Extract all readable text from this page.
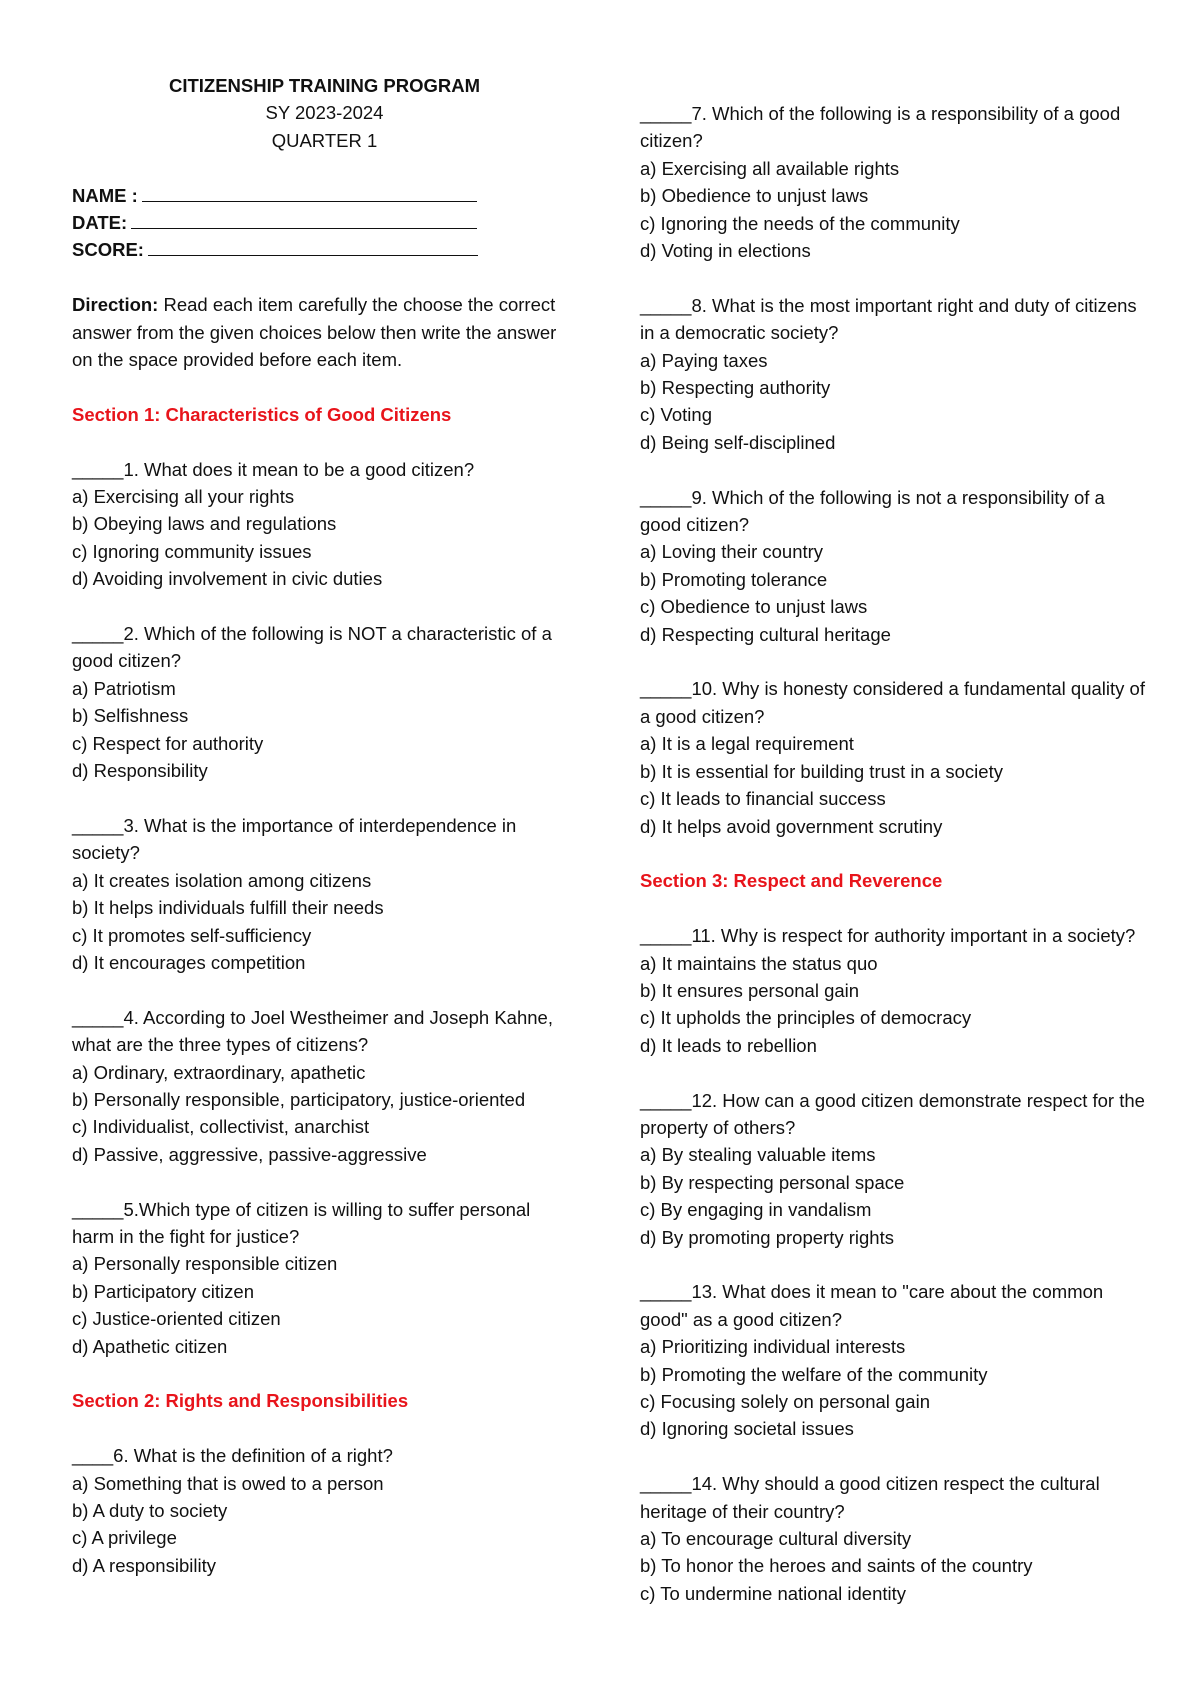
CITIZENSHIP TRAINING PROGRAM
SY 2023-2024
QUARTER 1
NAME :
DATE:
SCORE:
Direction: Read each item carefully the choose the correct answer from the given choices below then write the answer on the space provided before each item.
Section 1: Characteristics of Good Citizens
_____1. What does it mean to be a good citizen?
a) Exercising all your rights
b) Obeying laws and regulations
c) Ignoring community issues
d) Avoiding involvement in civic duties
_____2. Which of the following is NOT a characteristic of a good citizen?
a) Patriotism
b) Selfishness
c) Respect for authority
d) Responsibility
_____3. What is the importance of interdependence in society?
a) It creates isolation among citizens
b) It helps individuals fulfill their needs
c) It promotes self-sufficiency
d) It encourages competition
_____4. According to Joel Westheimer and Joseph Kahne, what are the three types of citizens?
a) Ordinary, extraordinary, apathetic
b) Personally responsible, participatory, justice-oriented
c) Individualist, collectivist, anarchist
d) Passive, aggressive, passive-aggressive
_____5.Which type of citizen is willing to suffer personal harm in the fight for justice?
a) Personally responsible citizen
b) Participatory citizen
c) Justice-oriented citizen
d) Apathetic citizen
Section 2: Rights and Responsibilities
____6. What is the definition of a right?
a) Something that is owed to a person
b) A duty to society
c) A privilege
d) A responsibility
_____7. Which of the following is a responsibility of a good citizen?
a) Exercising all available rights
b) Obedience to unjust laws
c) Ignoring the needs of the community
d) Voting in elections
_____8. What is the most important right and duty of citizens in a democratic society?
a) Paying taxes
b) Respecting authority
c) Voting
d) Being self-disciplined
_____9. Which of the following is not a responsibility of a good citizen?
a) Loving their country
b) Promoting tolerance
c) Obedience to unjust laws
d) Respecting cultural heritage
_____10. Why is honesty considered a fundamental quality of a good citizen?
a) It is a legal requirement
b) It is essential for building trust in a society
c) It leads to financial success
d) It helps avoid government scrutiny
Section 3: Respect and Reverence
_____11. Why is respect for authority important in a society?
a) It maintains the status quo
b) It ensures personal gain
c) It upholds the principles of democracy
d) It leads to rebellion
_____12. How can a good citizen demonstrate respect for the property of others?
a) By stealing valuable items
b) By respecting personal space
c) By engaging in vandalism
d) By promoting property rights
_____13. What does it mean to "care about the common good" as a good citizen?
a) Prioritizing individual interests
b) Promoting the welfare of the community
c) Focusing solely on personal gain
d) Ignoring societal issues
_____14. Why should a good citizen respect the cultural heritage of their country?
a) To encourage cultural diversity
b) To honor the heroes and saints of the country
c) To undermine national identity
